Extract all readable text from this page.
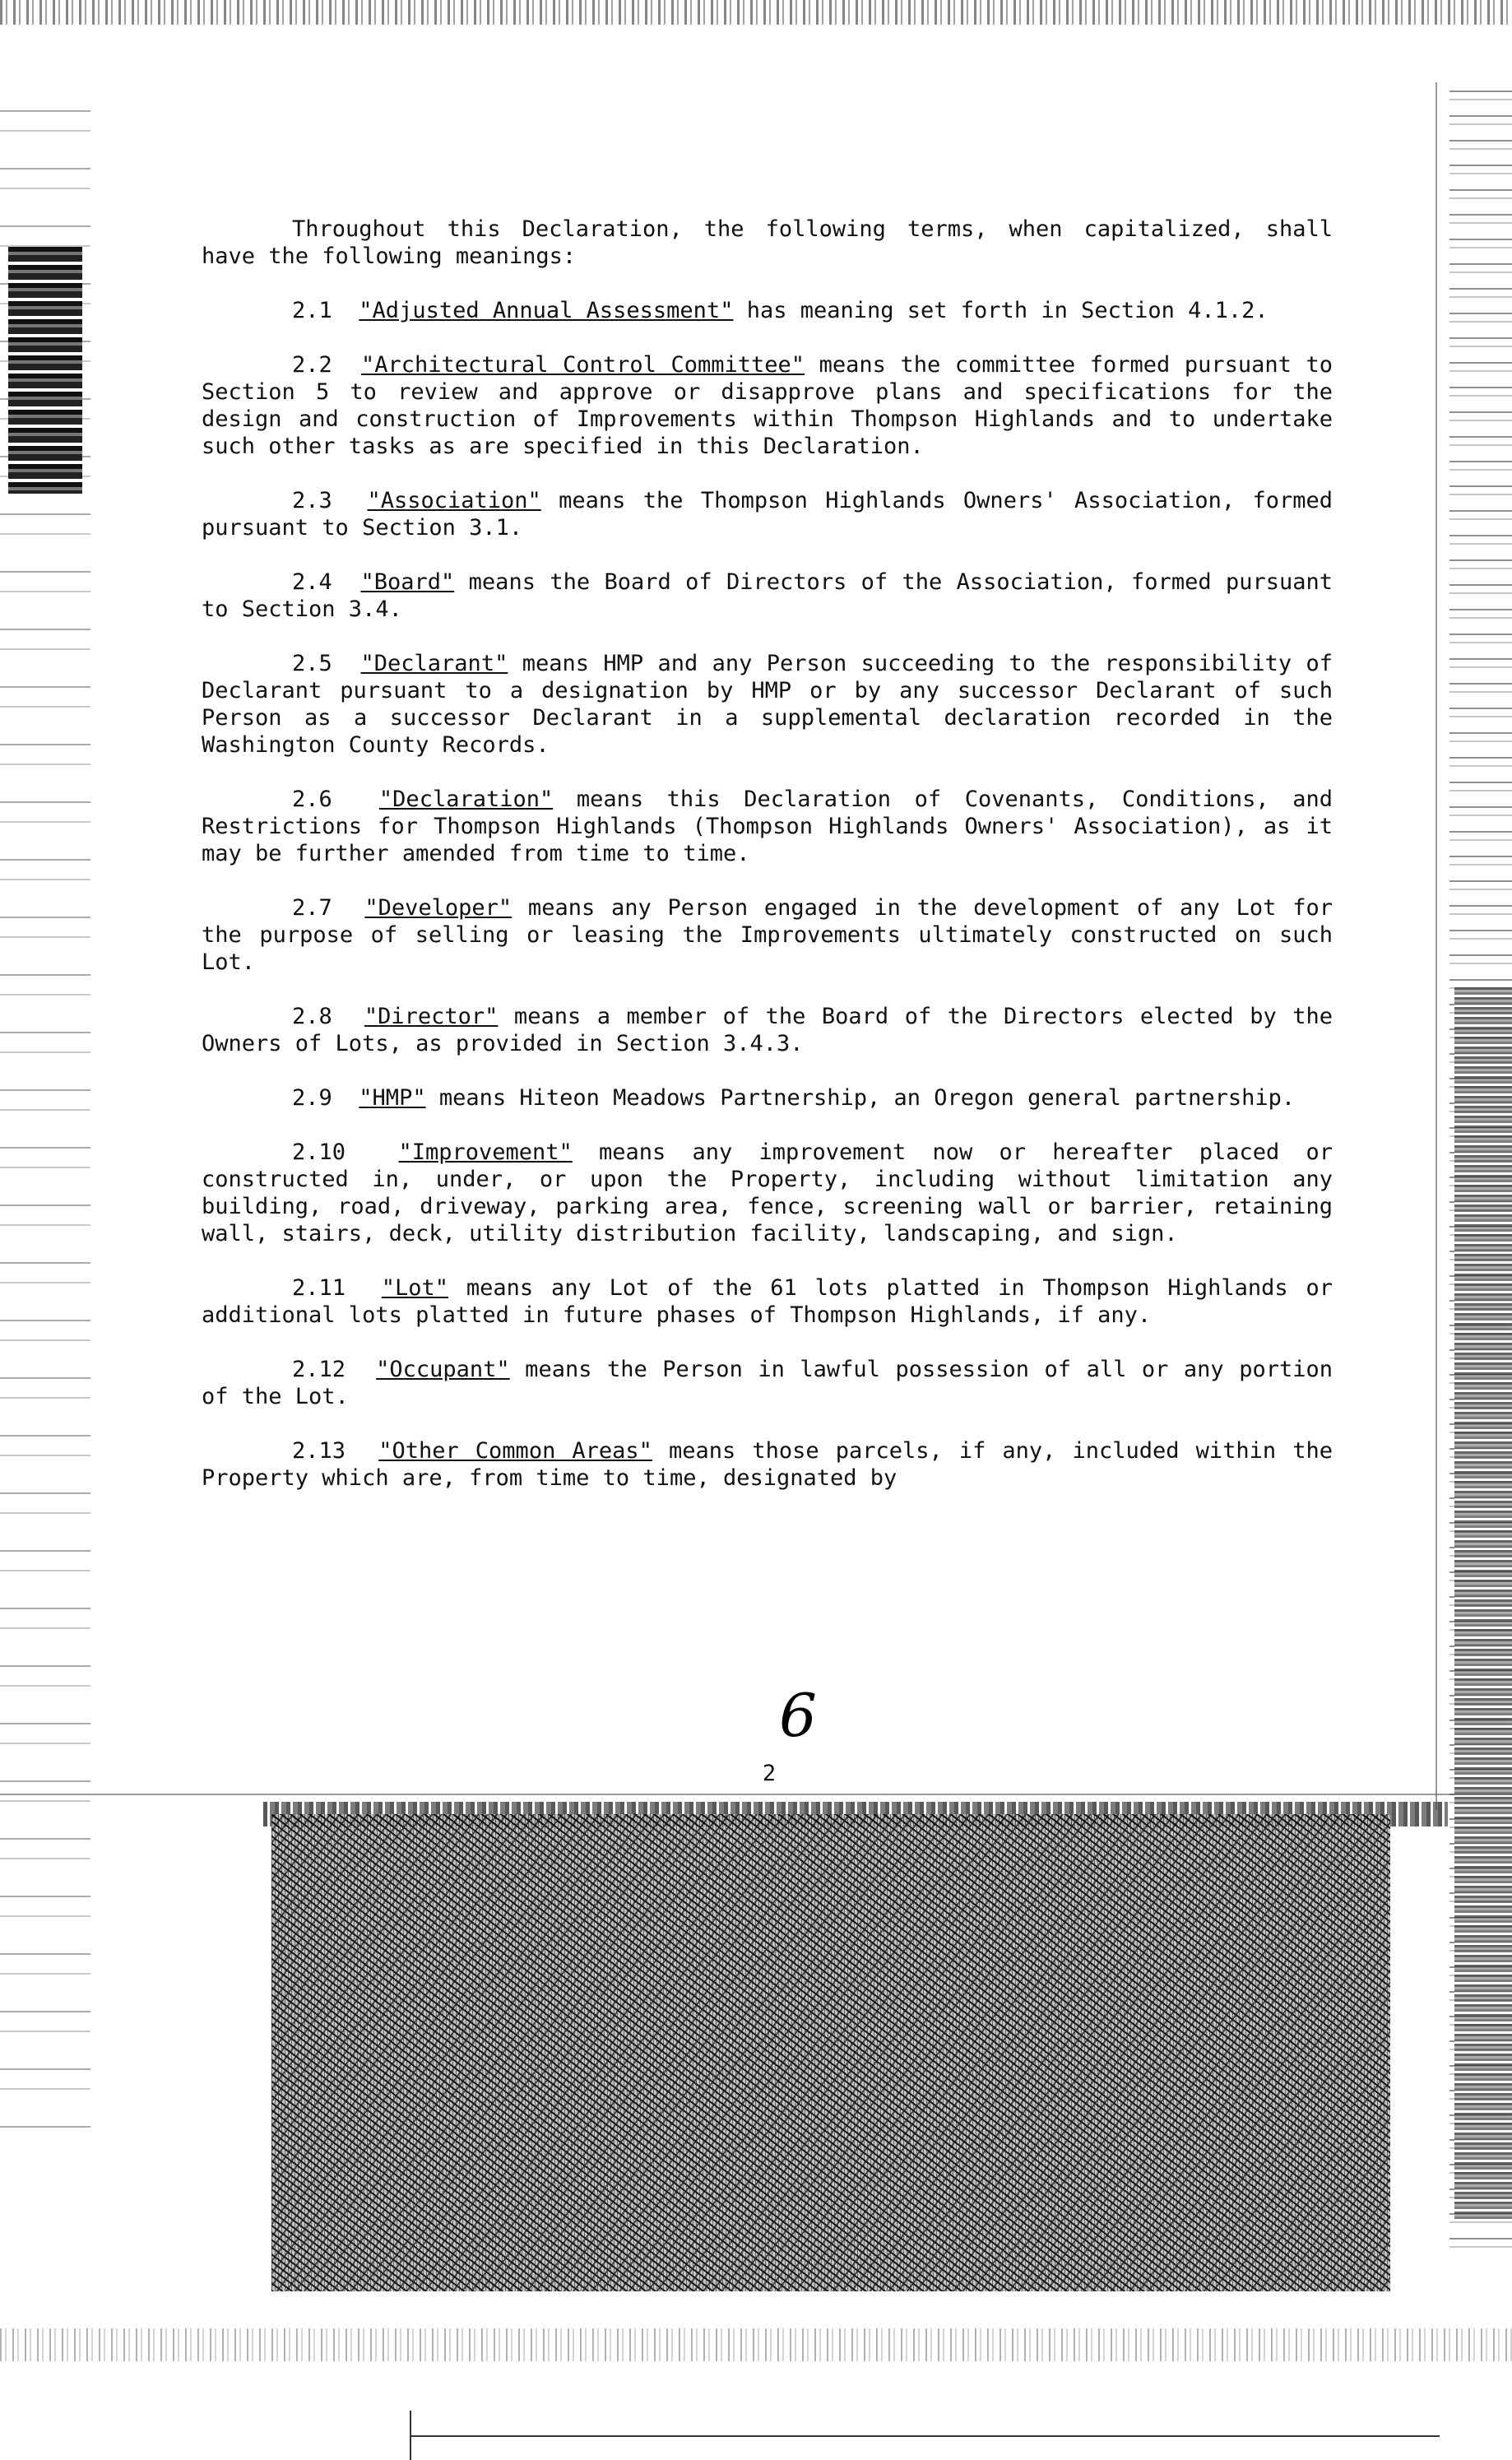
Throughout this Declaration, the following terms, when capitalized, shall have the following meanings:

2.1 "Adjusted Annual Assessment" has meaning set forth in Section 4.1.2.

2.2 "Architectural Control Committee" means the committee formed pursuant to Section 5 to review and approve or disapprove plans and specifications for the design and construction of Improvements within Thompson Highlands and to undertake such other tasks as are specified in this Declaration.

2.3 "Association" means the Thompson Highlands Owners' Association, formed pursuant to Section 3.1.

2.4 "Board" means the Board of Directors of the Association, formed pursuant to Section 3.4.

2.5 "Declarant" means HMP and any Person succeeding to the responsibility of Declarant pursuant to a designation by HMP or by any successor Declarant of such Person as a successor Declarant in a supplemental declaration recorded in the Washington County Records.

2.6 "Declaration" means this Declaration of Covenants, Conditions, and Restrictions for Thompson Highlands (Thompson Highlands Owners' Association), as it may be further amended from time to time.

2.7 "Developer" means any Person engaged in the development of any Lot for the purpose of selling or leasing the Improvements ultimately constructed on such Lot.

2.8 "Director" means a member of the Board of the Directors elected by the Owners of Lots, as provided in Section 3.4.3.

2.9 "HMP" means Hiteon Meadows Partnership, an Oregon general partnership.

2.10 "Improvement" means any improvement now or hereafter placed or constructed in, under, or upon the Property, including without limitation any building, road, driveway, parking area, fence, screening wall or barrier, retaining wall, stairs, deck, utility distribution facility, landscaping, and sign.

2.11 "Lot" means any Lot of the 61 lots platted in Thompson Highlands or additional lots platted in future phases of Thompson Highlands, if any.

2.12 "Occupant" means the Person in lawful possession of all or any portion of the Lot.

2.13 "Other Common Areas" means those parcels, if any, included within the Property which are, from time to time, designated by

6
2
